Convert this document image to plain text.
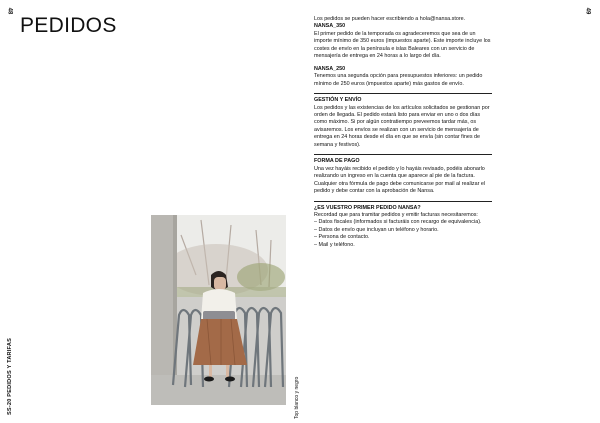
48	49
PEDIDOS
SS-20 PEDIDOS Y TARIFAS	Top blanco y negro

Los pedidos se pueden hacer escribiendo a hola@nansa.store.

NANSA_350

El primer pedido de la temporada os agradeceremos que sea de un importe mínimo de 350 euros (impuestos aparte). Este importe incluye los costes de envío en la península e islas Baleares con un servicio de mensajería de entrega en 24 horas a lo largo del día.

NANSA_250

Tenemos una segunda opción para presupuestos inferiores: un pedido mínimo de 250 euros (impuestos aparte) más gastos de envío.

GESTIÓN Y ENVÍO

Los pedidos y las existencias de los artículos solicitados se gestionan por orden de llegada. El pedido estará listo para enviar en uno o dos días como máximo. Si por algún contratiempo preveemos tardar más, os avisaremos. Los envíos se realizan con un servicio de mensajería de entrega en 24 horas desde el día en que se envía (sin contar fines de semana y festivos).

FORMA DE PAGO

Una vez hayáis recibido el pedido y lo hayáis revisado, podéis abonarlo realizando un ingreso en la cuenta que aparece al pie de la factura. Cualquier otra fórmula de pago debe comunicarse por mail al realizar el pedido y debe contar con la aprobación de Nansa.

¿ES VUESTRO PRIMER PEDIDO NANSA?

Recordad que para tramitar pedidos y emitir facturas necesitaremos:

– Datos fiscales (informados si facturáis con recargo de equivalencia).

– Datos de envío que incluyan un teléfono y horario.

– Persona de contacto.

– Mail y teléfono.
